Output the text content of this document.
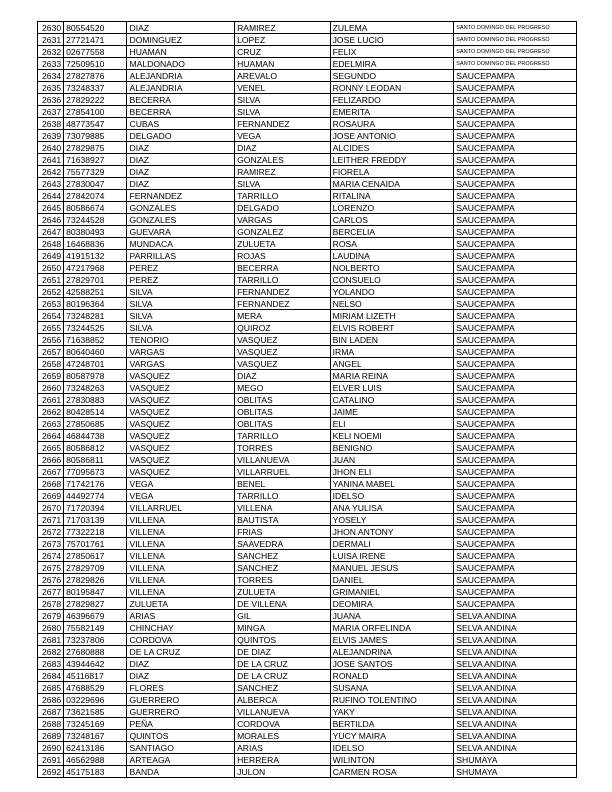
2630	80554520	DIAZ	RAMIREZ	ZULEMA	SANTO DOMINGO DEL PROGRESO
2631	27721471	DOMINGUEZ	LOPEZ	JOSE LUCIO	SANTO DOMINGO DEL PROGRESO
2632	02677558	HUAMAN	CRUZ	FELIX	SANTO DOMINGO DEL PROGRESO
2633	72509510	MALDONADO	HUAMAN	EDELMIRA	SANTO DOMINGO DEL PROGRESO
2634	27827876	ALEJANDRIA	AREVALO	SEGUNDO	SAUCEPAMPA
2635	73248337	ALEJANDRIA	VENEL	RONNY LEODAN	SAUCEPAMPA
2636	27829222	BECERRA	SILVA	FELIZARDO	SAUCEPAMPA
2637	27854100	BECERRA	SILVA	EMERITA	SAUCEPAMPA
2638	48773547	CUBAS	FERNANDEZ	ROSAURA	SAUCEPAMPA
2639	73079885	DELGADO	VEGA	JOSE ANTONIO	SAUCEPAMPA
2640	27829875	DIAZ	DIAZ	ALCIDES	SAUCEPAMPA
2641	71638927	DIAZ	GONZALES	LEITHER FREDDY	SAUCEPAMPA
2642	75577329	DIAZ	RAMIREZ	FIORELA	SAUCEPAMPA
2643	27830047	DIAZ	SILVA	MARIA CENAIDA	SAUCEPAMPA
2644	27842074	FERNANDEZ	TARRILLO	RITALINA	SAUCEPAMPA
2645	80586674	GONZALES	DELGADO	LORENZO	SAUCEPAMPA
2646	73244528	GONZALES	VARGAS	CARLOS	SAUCEPAMPA
2647	80380493	GUEVARA	GONZALEZ	BERCELIA	SAUCEPAMPA
2648	16468836	MUNDACA	ZULUETA	ROSA	SAUCEPAMPA
2649	41915132	PARRILLAS	ROJAS	LAUDINA	SAUCEPAMPA
2650	47217968	PEREZ	BECERRA	NOLBERTO	SAUCEPAMPA
2651	27829701	PEREZ	TARRILLO	CONSUELO	SAUCEPAMPA
2652	42588251	SILVA	FERNANDEZ	YOLANDO	SAUCEPAMPA
2653	80196364	SILVA	FERNANDEZ	NELSO	SAUCEPAMPA
2654	73248281	SILVA	MERA	MIRIAM LIZETH	SAUCEPAMPA
2655	73244525	SILVA	QUIROZ	ELVIS ROBERT	SAUCEPAMPA
2656	71638852	TENORIO	VASQUEZ	BIN LADEN	SAUCEPAMPA
2657	80640460	VARGAS	VASQUEZ	IRMA	SAUCEPAMPA
2658	47248701	VARGAS	VASQUEZ	ANGEL	SAUCEPAMPA
2659	80587978	VASQUEZ	DIAZ	MARIA REINA	SAUCEPAMPA
2660	73248263	VASQUEZ	MEGO	ELVER LUIS	SAUCEPAMPA
2661	27830883	VASQUEZ	OBLITAS	CATALINO	SAUCEPAMPA
2662	80428514	VASQUEZ	OBLITAS	JAIME	SAUCEPAMPA
2663	27850685	VASQUEZ	OBLITAS	ELI	SAUCEPAMPA
2664	46844738	VASQUEZ	TARRILLO	KELI NOEMI	SAUCEPAMPA
2665	80586812	VASQUEZ	TORRES	BENIGNO	SAUCEPAMPA
2666	80586811	VASQUEZ	VILLANUEVA	JUAN	SAUCEPAMPA
2667	77095673	VASQUEZ	VILLARRUEL	JHON ELI	SAUCEPAMPA
2668	71742176	VEGA	BENEL	YANINA MABEL	SAUCEPAMPA
2669	44492774	VEGA	TARRILLO	IDELSO	SAUCEPAMPA
2670	71720394	VILLARRUEL	VILLENA	ANA YULISA	SAUCEPAMPA
2671	71703139	VILLENA	BAUTISTA	YOSELY	SAUCEPAMPA
2672	77322218	VILLENA	FRIAS	JHON ANTONY	SAUCEPAMPA
2673	75701761	VILLENA	SAAVEDRA	DERMALI	SAUCEPAMPA
2674	27850617	VILLENA	SANCHEZ	LUISA IRENE	SAUCEPAMPA
2675	27829709	VILLENA	SANCHEZ	MANUEL JESUS	SAUCEPAMPA
2676	27829826	VILLENA	TORRES	DANIEL	SAUCEPAMPA
2677	80195847	VILLENA	ZULUETA	GRIMANIEL	SAUCEPAMPA
2678	27829827	ZULUETA	DE VILLENA	DEOMIRA	SAUCEPAMPA
2679	46396679	ARIAS	GIL	JUANA	SELVA ANDINA
2680	75582149	CHINCHAY	MINGA	MARIA ORFELINDA	SELVA ANDINA
2681	73237806	CORDOVA	QUINTOS	ELVIS JAMES	SELVA ANDINA
2682	27680888	DE LA CRUZ	DE DIAZ	ALEJANDRINA	SELVA ANDINA
2683	43944642	DIAZ	DE LA CRUZ	JOSE SANTOS	SELVA ANDINA
2684	45116817	DIAZ	DE LA CRUZ	RONALD	SELVA ANDINA
2685	47688529	FLORES	SANCHEZ	SUSANA	SELVA ANDINA
2686	03229696	GUERRERO	ALBERCA	RUFINO TOLENTINO	SELVA ANDINA
2687	73621585	GUERRERO	VILLANUEVA	YAKY	SELVA ANDINA
2688	73245169	PEÑA	CORDOVA	BERTILDA	SELVA ANDINA
2689	73248167	QUINTOS	MORALES	YUCY MAIRA	SELVA ANDINA
2690	62413186	SANTIAGO	ARIAS	IDELSO	SELVA ANDINA
2691	46562988	ARTEAGA	HERRERA	WILINTON	SHUMAYA
2692	45175183	BANDA	JULON	CARMEN ROSA	SHUMAYA
